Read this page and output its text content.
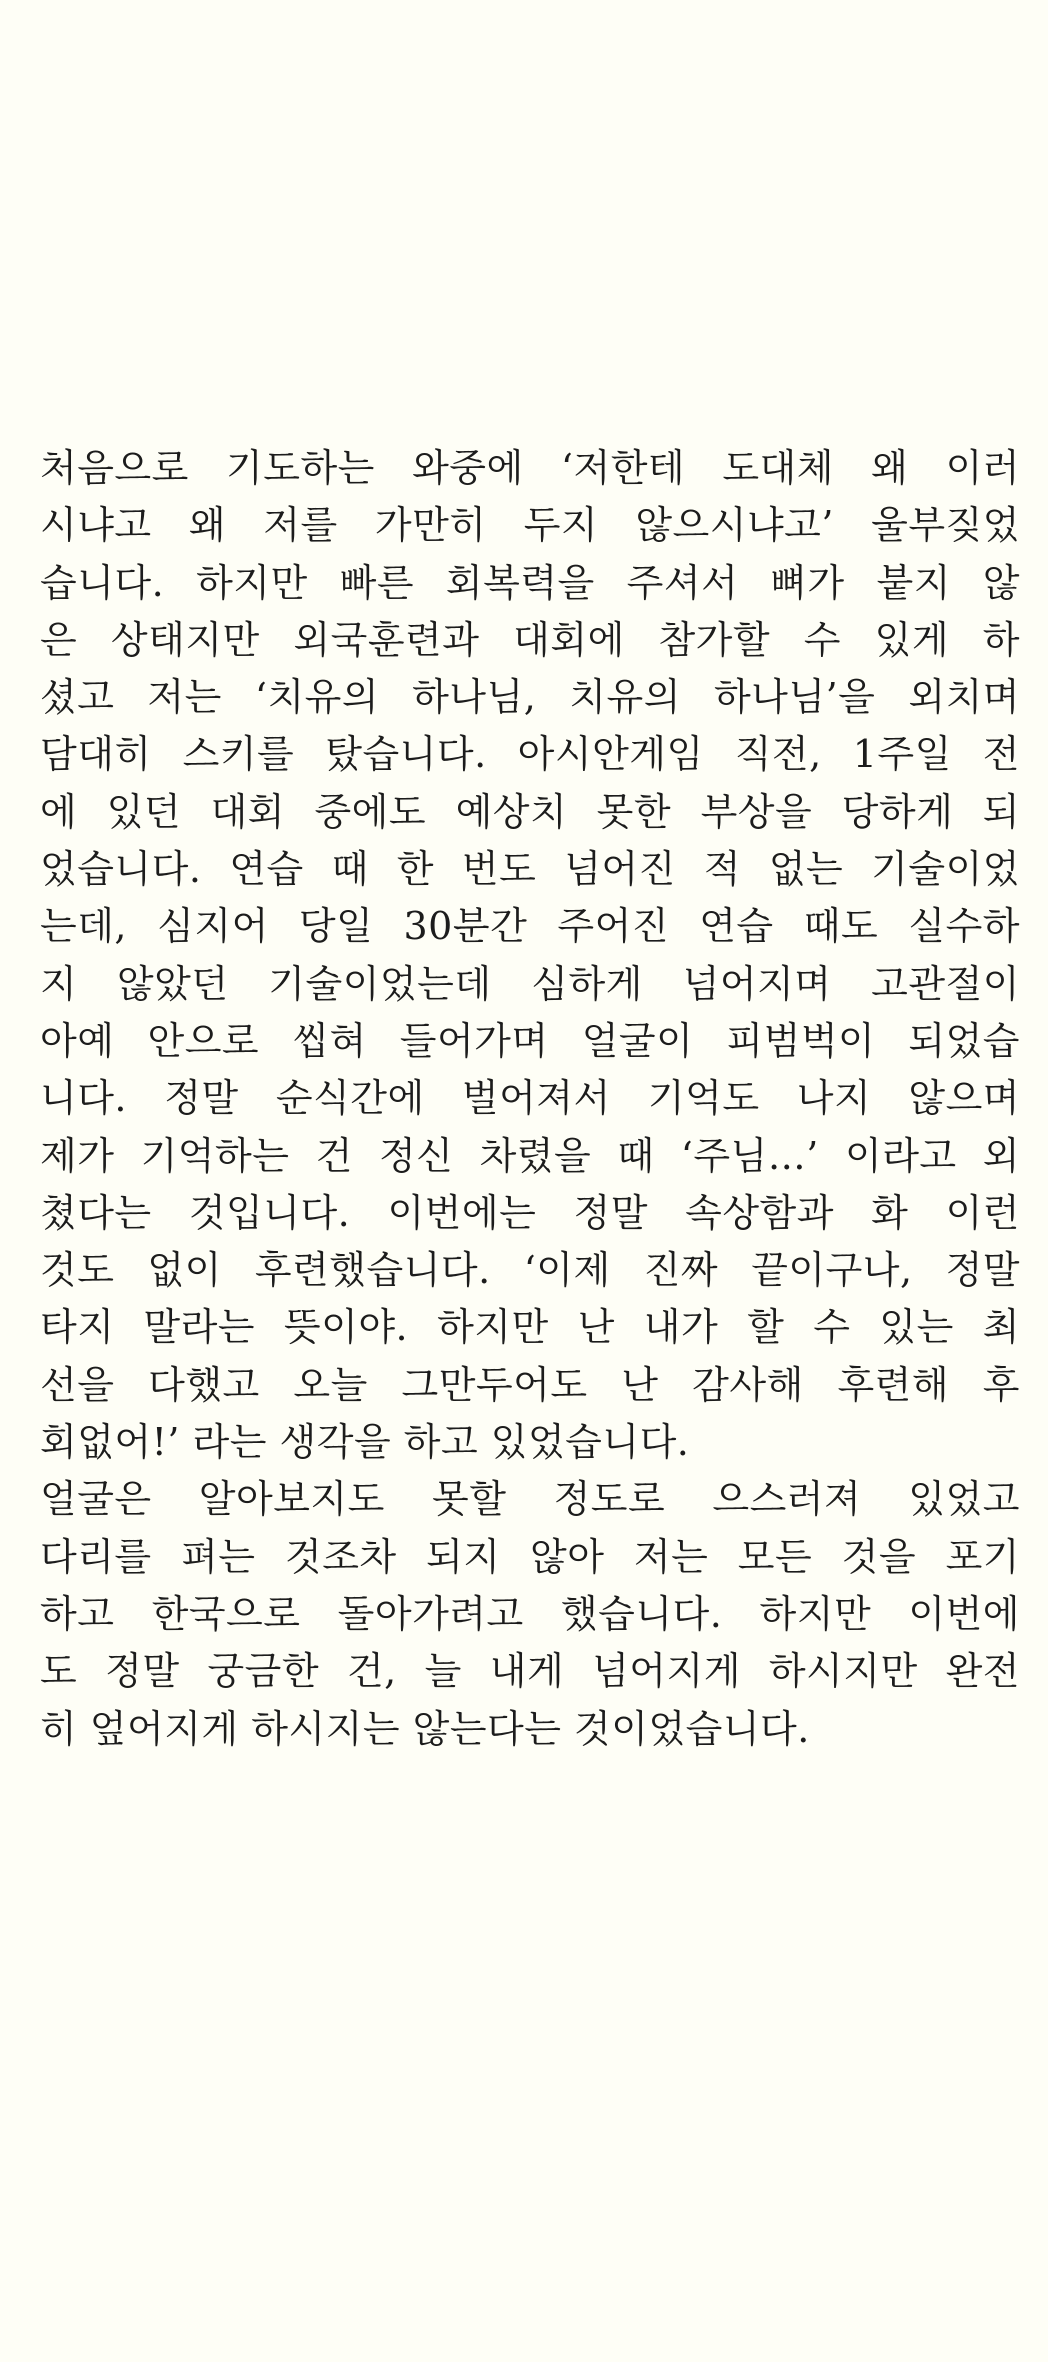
처음으로 기도하는 와중에 ‘저한테 도대체 왜 이러
시냐고 왜 저를 가만히 두지 않으시냐고’ 울부짖었
습니다. 하지만 빠른 회복력을 주셔서 뼈가 붙지 않
은 상태지만 외국훈련과 대회에 참가할 수 있게 하
셨고 저는 ‘치유의 하나님, 치유의 하나님’을 외치며
담대히 스키를 탔습니다. 아시안게임 직전, 1주일 전
에 있던 대회 중에도 예상치 못한 부상을 당하게 되
었습니다. 연습 때 한 번도 넘어진 적 없는 기술이었
는데, 심지어 당일 30분간 주어진 연습 때도 실수하
지 않았던 기술이었는데 심하게 넘어지며 고관절이
아예 안으로 씹혀 들어가며 얼굴이 피범벅이 되었습
니다. 정말 순식간에 벌어져서 기억도 나지 않으며
제가 기억하는 건 정신 차렸을 때 ‘주님…’ 이라고 외
쳤다는 것입니다. 이번에는 정말 속상함과 화 이런
것도 없이 후련했습니다. ‘이제 진짜 끝이구나, 정말
타지 말라는 뜻이야. 하지만 난 내가 할 수 있는 최
선을 다했고 오늘 그만두어도 난 감사해 후련해 후
회없어!’ 라는 생각을 하고 있었습니다.
얼굴은 알아보지도 못할 정도로 으스러져 있었고
다리를 펴는 것조차 되지 않아 저는 모든 것을 포기
하고 한국으로 돌아가려고 했습니다. 하지만 이번에
도 정말 궁금한 건, 늘 내게 넘어지게 하시지만 완전
히 엎어지게 하시지는 않는다는 것이었습니다.
